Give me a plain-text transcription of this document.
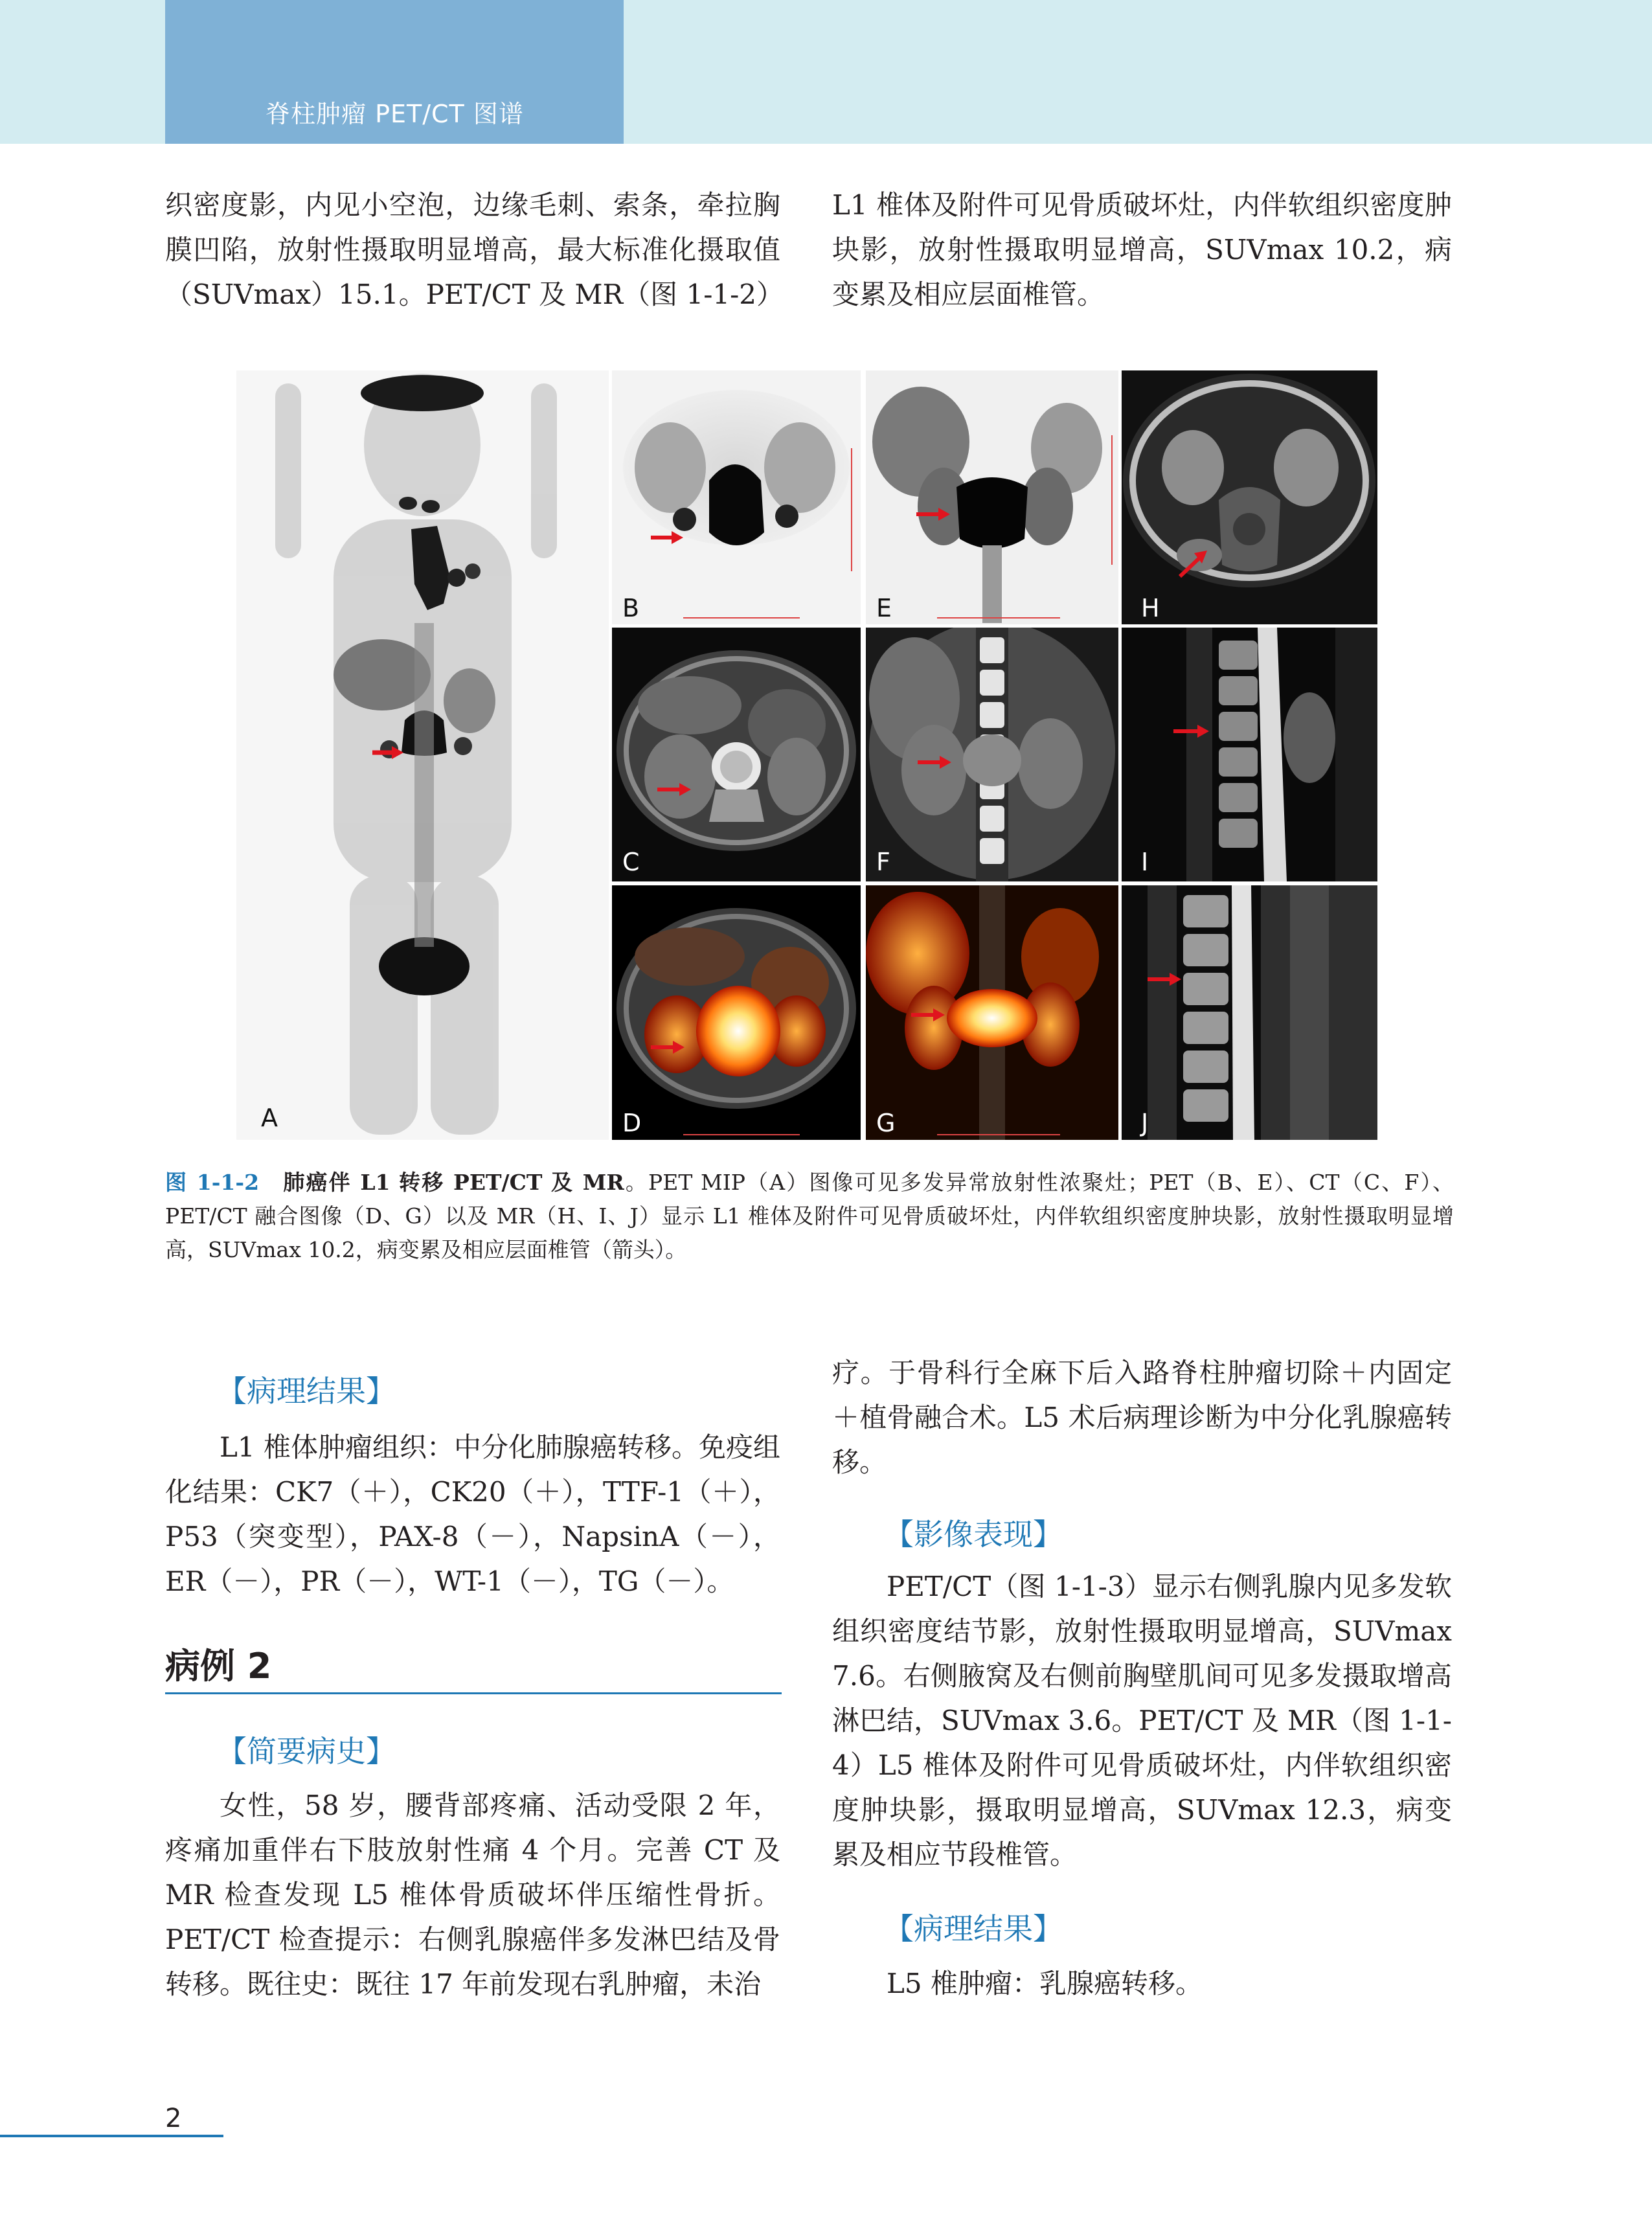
脊柱肿瘤 PET/CT 图谱

织密度影，内见小空泡，边缘毛刺、索条，牵拉胸膜凹陷，放射性摄取明显增高，最大标准化摄取值（SUVmax）15.1。PET/CT 及 MR（图 1-1-2）

L1 椎体及附件可见骨质破坏灶，内伴软组织密度肿块影，放射性摄取明显增高，SUVmax 10.2，病变累及相应层面椎管。

A
B	E	H
C	F	I
D	G	J

图 1-1-2　 肺癌伴 L1 转移 PET/CT 及 MR。PET MIP（A）图像可见多发异常放射性浓聚灶；PET（B、E）、CT（C、F）、PET/CT 融合图像（D、G）以及 MR（H、I、J）显示 L1 椎体及附件可见骨质破坏灶，内伴软组织密度肿块影，放射性摄取明显增高，SUVmax 10.2，病变累及相应层面椎管（箭头）。

【病理结果】

L1 椎体肿瘤组织：中分化肺腺癌转移。免疫组化结果：CK7（＋），CK20（＋），TTF-1（＋），P53（突变型），PAX-8（－），NapsinA（－），ER（－），PR（－），WT-1（－），TG（－）。

病例 2
【简要病史】

女性，58 岁，腰背部疼痛、活动受限 2 年，疼痛加重伴右下肢放射性痛 4 个月。完善 CT 及 MR 检查发现 L5 椎体骨质破坏伴压缩性骨折。PET/CT 检查提示：右侧乳腺癌伴多发淋巴结及骨转移。既往史：既往 17 年前发现右乳肿瘤，未治

疗。于骨科行全麻下后入路脊柱肿瘤切除＋内固定＋植骨融合术。L5 术后病理诊断为中分化乳腺癌转移。

【影像表现】

PET/CT（图 1-1-3）显示右侧乳腺内见多发软组织密度结节影，放射性摄取明显增高，SUVmax 7.6。右侧腋窝及右侧前胸壁肌间可见多发摄取增高淋巴结，SUVmax 3.6。PET/CT 及 MR（图 1-1-4）L5 椎体及附件可见骨质破坏灶，内伴软组织密度肿块影，摄取明显增高，SUVmax 12.3，病变累及相应节段椎管。

【病理结果】

L5 椎肿瘤：乳腺癌转移。

2
